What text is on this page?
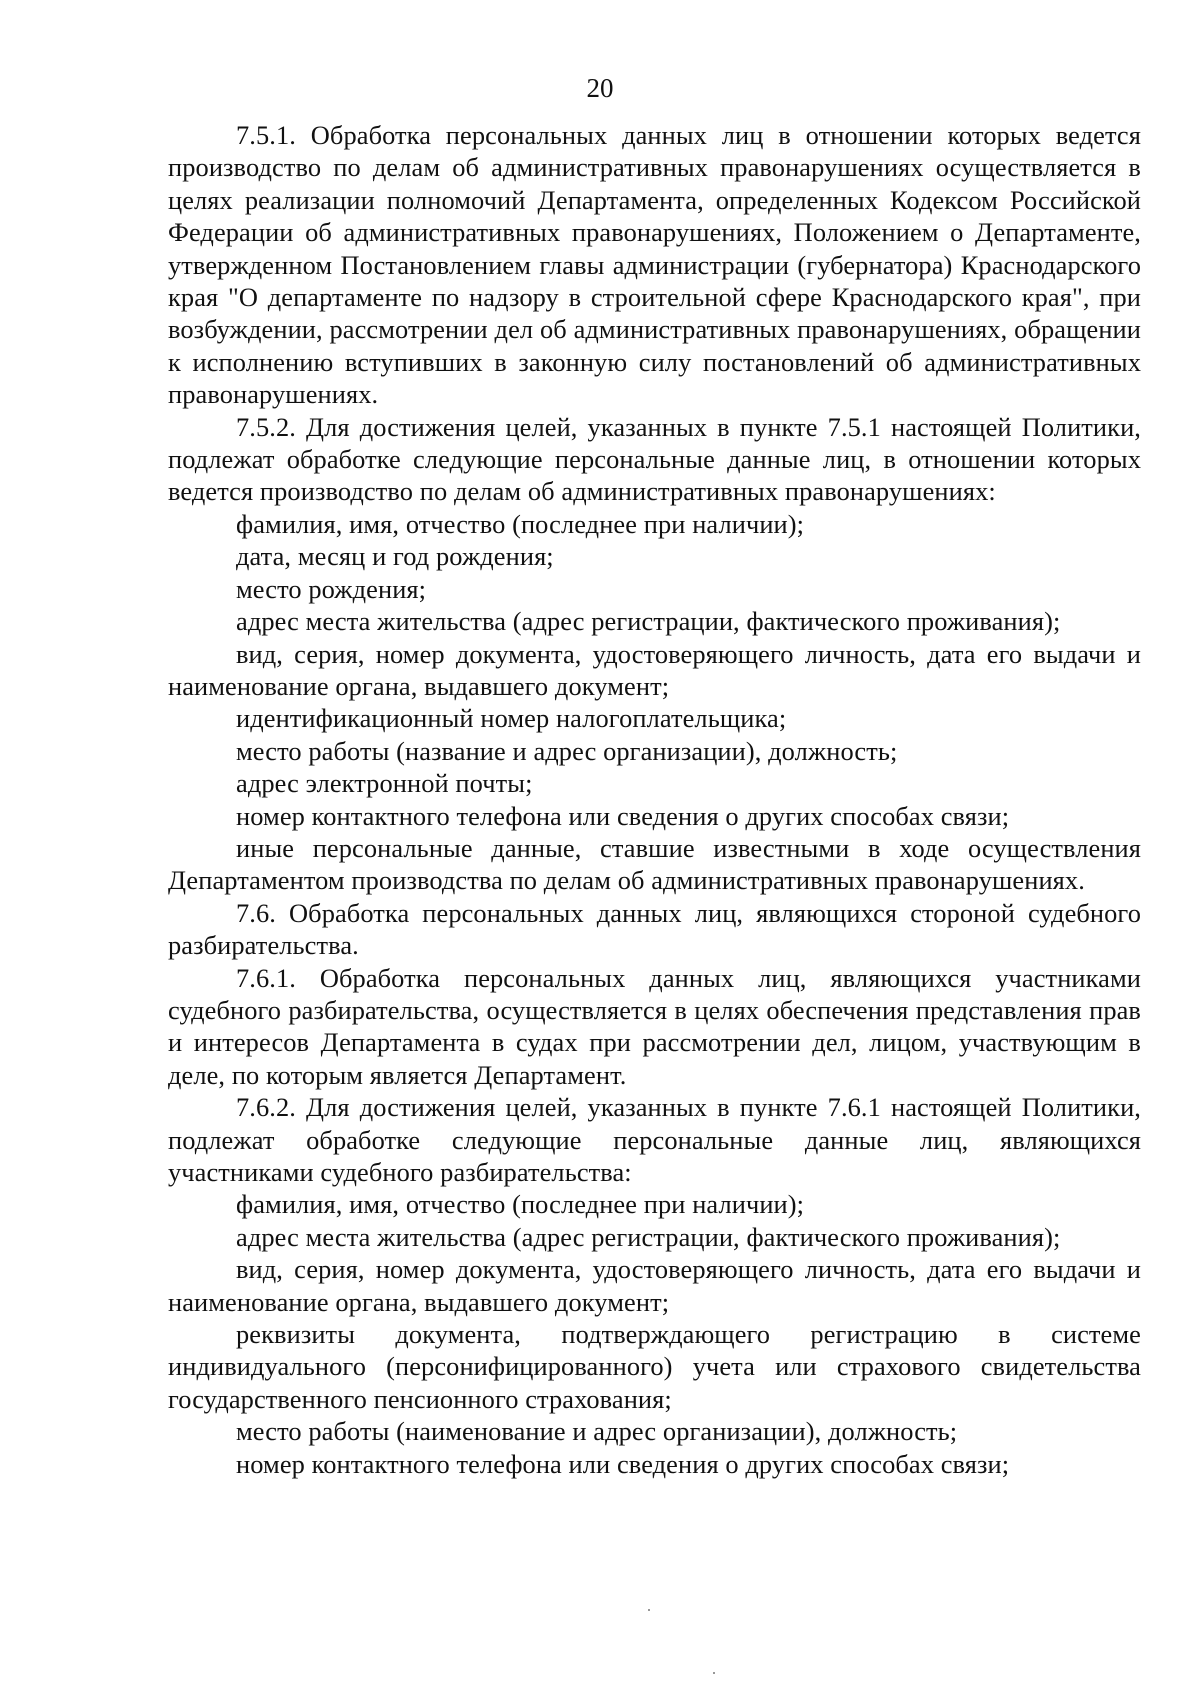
20

7.5.1. Обработка персональных данных лиц в отношении которых ведется производство по делам об административных правонарушениях осуществляется в целях реализации полномочий Департамента, определенных Кодексом Российской Федерации об административных правонарушениях, Положением о Департаменте, утвержденном Постановлением главы администрации (губернатора) Краснодарского края "О департаменте по надзору в строительной сфере Краснодарского края", при возбуждении, рассмотрении дел об административных правонарушениях, обращении к исполнению вступивших в законную силу постановлений об административных правонарушениях.

7.5.2. Для достижения целей, указанных в пункте 7.5.1 настоящей Политики, подлежат обработке следующие персональные данные лиц, в отношении которых ведется производство по делам об административных правонарушениях:

фамилия, имя, отчество (последнее при наличии);

дата, месяц и год рождения;

место рождения;

адрес места жительства (адрес регистрации, фактического проживания);

вид, серия, номер документа, удостоверяющего личность, дата его выдачи и наименование органа, выдавшего документ;

идентификационный номер налогоплательщика;

место работы (название и адрес организации), должность;

адрес электронной почты;

номер контактного телефона или сведения о других способах связи;

иные персональные данные, ставшие известными в ходе осуществления Департаментом производства по делам об административных правонарушениях.

7.6. Обработка персональных данных лиц, являющихся стороной судебного разбирательства.

7.6.1. Обработка персональных данных лиц, являющихся участниками судебного разбирательства, осуществляется в целях обеспечения представления прав и интересов Департамента в судах при рассмотрении дел, лицом, участвующим в деле, по которым является Департамент.

7.6.2. Для достижения целей, указанных в пункте 7.6.1 настоящей Политики, подлежат обработке следующие персональные данные лиц, являющихся участниками судебного разбирательства:

фамилия, имя, отчество (последнее при наличии);

адрес места жительства (адрес регистрации, фактического проживания);

вид, серия, номер документа, удостоверяющего личность, дата его выдачи и наименование органа, выдавшего документ;

реквизиты документа, подтверждающего регистрацию в системе индивидуального (персонифицированного) учета или страхового свидетельства государственного пенсионного страхования;

место работы (наименование и адрес организации), должность;

номер контактного телефона или сведения о других способах связи;
